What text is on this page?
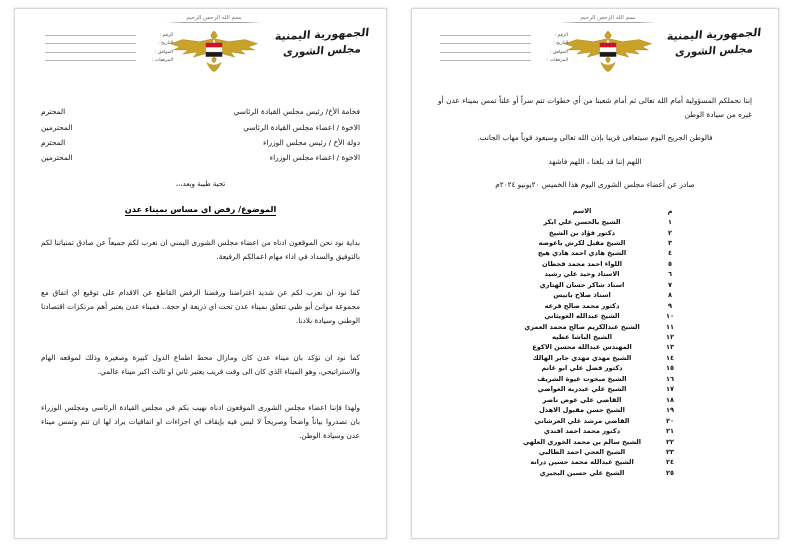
بسم الله الرحمن الرحيم
الجمهورية اليمنية
مجلس الشورى
الرقم :
التاريخ :
الموافق :
المرفقات :

إننا نحملكم المسؤولية أمام الله تعالى ثم أمام شعبنا من أي خطوات تتم سراً أو علناً تمس بميناء عدن أو غيره من سيادة الوطن

فالوطن الجريح اليوم سيتعافى قريبا بإذن الله تعالى وسيعود قوياً مهاب الجانب.

اللهم إننا قد بلغنا ، اللهم فاشهد

صادر عن أعضاء مجلس الشورى اليوم هذا الخميس ٢٠يونيو ٢٠٢٤م

م	الاسم
١	الشيخ بالحسن علي ابكر
٢	دكتور فؤاد بن الشيخ
٣	الشيخ مقبل لكرش باعوضه
٤	الشيخ هادي احمد هادي هيج
٥	اللواء احمد محمد قحطان
٦	الاستاذ وحيد علي رشيد
٧	استاذ شاكر حسان الهتاري
٨	استاذ صلاح باتيس
٩	دكتور محمد صالح قرعه
١٠	الشيخ عبدالله العويثاني
١١	الشيخ عبدالكريم صالح محمد العمري
١٢	الشيخ الباشا عطيه
١٣	المهندس عبدالله محسن الاكوع
١٤	الشيخ مهدي مهدي جابر الهالك
١٥	دكتور فضل علي ابو غانم
١٦	الشيخ مبخوت عيوة الشريف
١٧	الشيخ علي عبدربه العواضي
١٨	القاضي علي عوض ناصر
١٩	الشيخ حسن مقبول الاهدل
٢٠	القاضي مرشد علي العرشاني
٢١	دكتور محمد احمد افندي
٢٢	الشيخ سالم بن محمد الخوري العلهي
٢٣	الشيخ العجي احمد الطالبي
٢٤	الشيخ عبدالله محمد حسين درانه
٢٥	الشيخ علي حسين البجيري
بسم الله الرحمن الرحيم
الجمهورية اليمنية
مجلس الشورى
الرقم :
التاريخ :
الموافق :
المرفقات :
فخامة الأخ/ رئيس مجلس القيادة الرئاسي	المحترم
الاخوة / اعضاء مجلس القيادة الرئاسي	المحترمين
دولة الأخ / رئيس مجلس الوزراء	المحترم
الاخوة / اعضاء مجلس الوزراء	المحترمين
تحية طيبة وبعد،،،
الموضوع/ رفض اي مساس بميناء عدن

بداية نود نحن الموقعون ادناه من اعضاء مجلس الشورى اليمني ان نعرب لكم جميعاً عن صادق تمنياتنا لكم بالتوفيق والسداد في اداء مهام اعمالكم الرفيعة.

كما نود ان نعرب لكم عن شديد اعتراضنا ورفضنا الرفض القاطع عن الاقدام على توقيع اي اتفاق مع مجموعة موانئ أبو ظبي تتعلق بميناء عدن تحت اي ذريعة او حجة.. فميناء عدن يعتبر أهم مرتكزات اقتصادنا الوطني وسيادة بلادنا.

كما نود ان نؤكد بان ميناء عدن كان ومازال محط اطماع الدول كبيرة وصغيرة وذلك لموقعه الهام والاستراتيجي، وهو الميناء الذي كان الى وقت قريب يعتبر ثاني او ثالث اكبر ميناء عالمي.

ولهذا فإننا اعضاء مجلس الشورى الموقعون ادناه نهيب بكم في مجلس القيادة الرئاسي ومجلس الوزراء بان تصدروا بياناً واضحاً وصريحاً لا لبس فيه بإيقاف اي اجراءات او اتفاقيات يراد لها ان تتم وتمس ميناء عدن وسيادة الوطن.
